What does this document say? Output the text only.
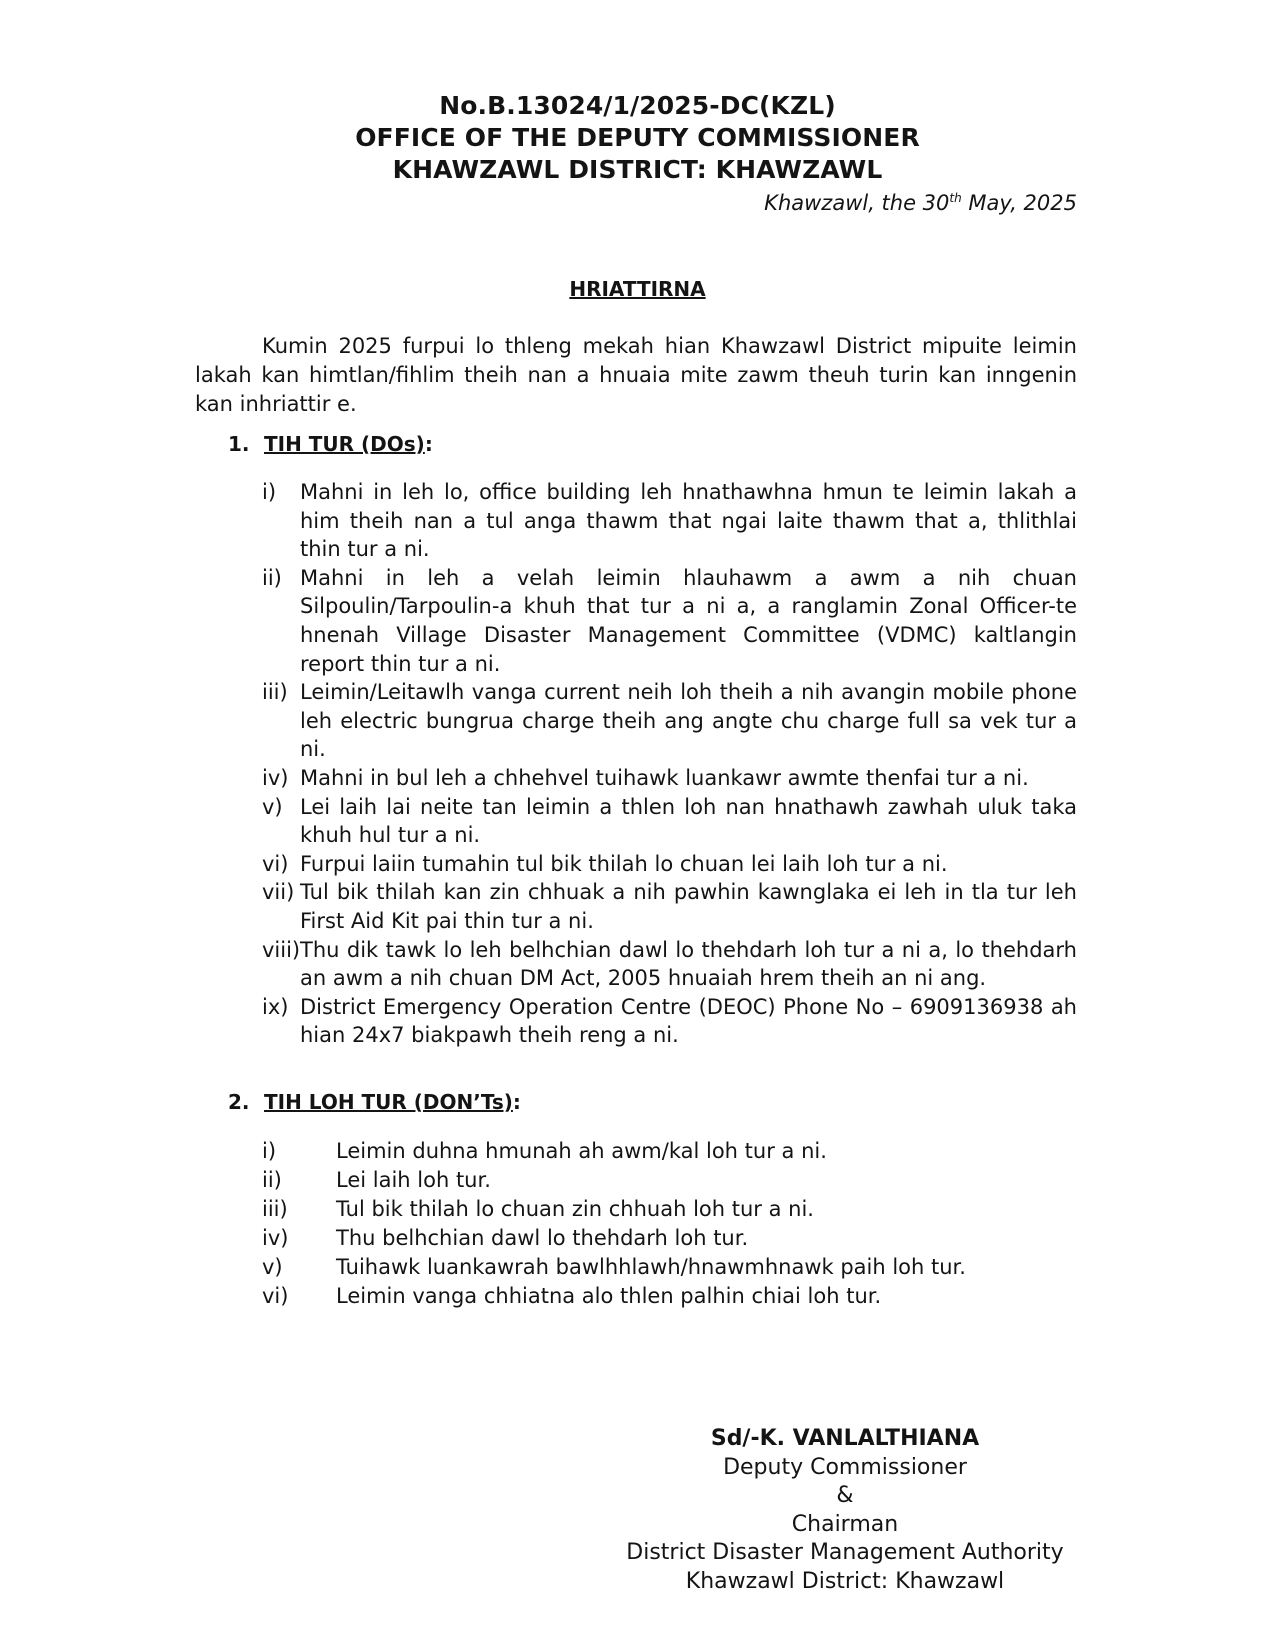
No.B.13024/1/2025-DC(KZL)
OFFICE OF THE DEPUTY COMMISSIONER
KHAWZAWL DISTRICT: KHAWZAWL
Khawzawl, the 30th May, 2025
HRIATTIRNA
Kumin 2025 furpui lo thleng mekah hian Khawzawl District mipuite leimin lakah kan himtlan/fihlim theih nan a hnuaia mite zawm theuh turin kan inngenin kan inhriattir e.
1. TIH TUR (DOs):
i)	Mahni in leh lo, office building leh hnathawhna hmun te leimin lakah a him theih nan a tul anga thawm that ngai laite thawm that a, thlithlai thin tur a ni.
ii) Mahni in leh a velah leimin hlauhawm a awm a nih chuan Silpoulin/Tarpoulin-a khuh that tur a ni a, a ranglamin Zonal Officer-te hnenah Village Disaster Management Committee (VDMC) kaltlangin report thin tur a ni.
iii) Leimin/Leitawlh vanga current neih loh theih a nih avangin mobile phone leh electric bungrua charge theih ang angte chu charge full sa vek tur a ni.
iv) Mahni in bul leh a chhehvel tuihawk luankawr awmte thenfai tur a ni.
v) Lei laih lai neite tan leimin a thlen loh nan hnathawh zawhah uluk taka khuh hul tur a ni.
vi) Furpui laiin tumahin tul bik thilah lo chuan lei laih loh tur a ni.
vii) Tul bik thilah kan zin chhuak a nih pawhin kawnglaka ei leh in tla tur leh First Aid Kit pai thin tur a ni.
viii) Thu dik tawk lo leh belhchian dawl lo thehdarh loh tur a ni a, lo thehdarh an awm a nih chuan DM Act, 2005 hnuaiah hrem theih an ni ang.
ix) District Emergency Operation Centre (DEOC) Phone No – 6909136938 ah hian 24x7 biakpawh theih reng a ni.
2. TIH LOH TUR (DON’Ts):
i)	Leimin duhna hmunah ah awm/kal loh tur a ni.
ii)	Lei laih loh tur.
iii)	Tul bik thilah lo chuan zin chhuah loh tur a ni.
iv)	Thu belhchian dawl lo thehdarh loh tur.
v)	Tuihawk luankawrah bawlhhlawh/hnawmhnawk paih loh tur.
vi)	Leimin vanga chhiatna alo thlen palhin chiai loh tur.
Sd/-K. VANLALTHIANA
Deputy Commissioner
&
Chairman
District Disaster Management Authority
Khawzawl District: Khawzawl
